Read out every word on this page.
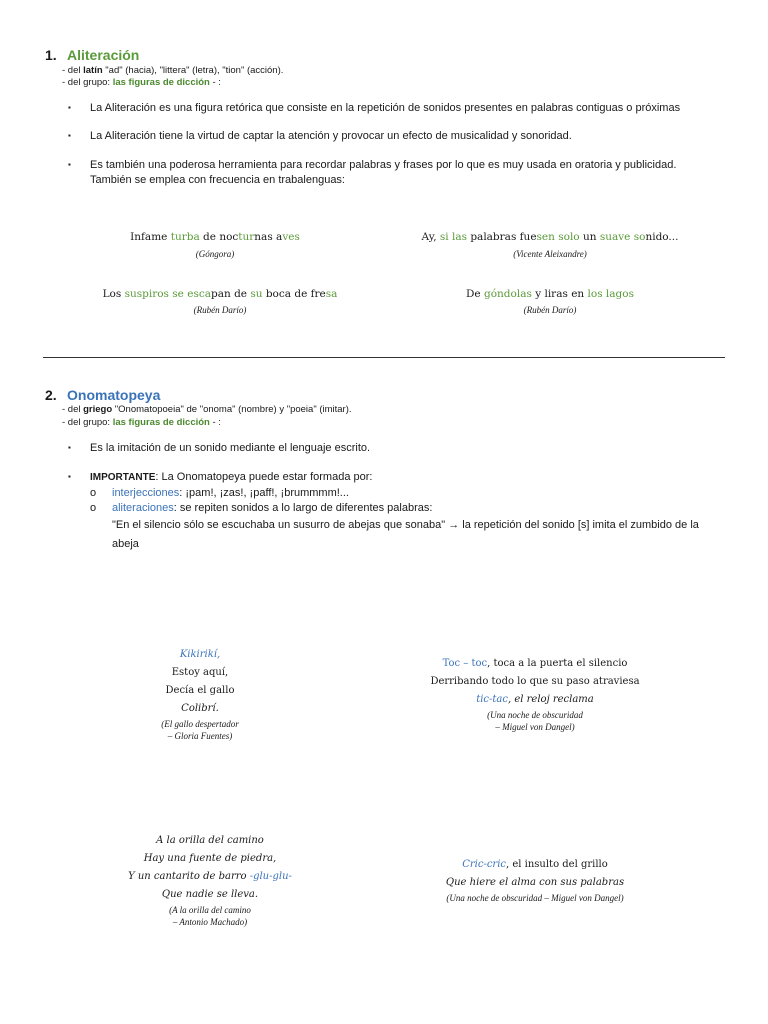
1. Aliteración
- del latín "ad" (hacia), "littera" (letra), "tion" (acción).
- del grupo: las figuras de dicción - :
▪ La Aliteración es una figura retórica que consiste en la repetición de sonidos presentes en palabras contiguas o próximas
▪ La Aliteración tiene la virtud de captar la atención y provocar un efecto de musicalidad y sonoridad.
▪ Es también una poderosa herramienta para recordar palabras y frases por lo que es muy usada en oratoria y publicidad.
También se emplea con frecuencia en trabalenguas:
Infame turba de nocturnas aves
(Góngora)
Ay, si las palabras fuesen solo un suave sonido...
(Vicente Aleixandre)
Los suspiros se escapan de su boca de fresa
(Rubén Darío)
De góndolas y liras en los lagos
(Rubén Darío)
2. Onomatopeya
- del griego "Onomatopoeia" de "onoma" (nombre) y "poeia" (imitar).
- del grupo: las figuras de dicción - :
▪ Es la imitación de un sonido mediante el lenguaje escrito.
▪ IMPORTANTE: La Onomatopeya puede estar formada por:
o interjecciones: ¡pam!, ¡zas!, ¡paff!, ¡brummmm!...
o aliteraciones: se repiten sonidos a lo largo de diferentes palabras:
"En el silencio sólo se escuchaba un susurro de abejas que sonaba" → la repetición del sonido [s] imita el zumbido de la
abeja
Kikirikí,
Estoy aquí,
Decía el gallo
Colibrí.
(El gallo despertador
– Gloria Fuentes)
Toc – toc, toca a la puerta el silencio
Derribando todo lo que su paso atraviesa
tic-tac, el reloj reclama
(Una noche de obscuridad
– Miguel von Dangel)
A la orilla del camino
Hay una fuente de piedra,
Y un cantarito de barro -glu-glu-
Que nadie se lleva.
(A la orilla del camino
– Antonio Machado)
Cric-cric, el insulto del grillo
Que hiere el alma con sus palabras
(Una noche de obscuridad – Miguel von Dangel)
